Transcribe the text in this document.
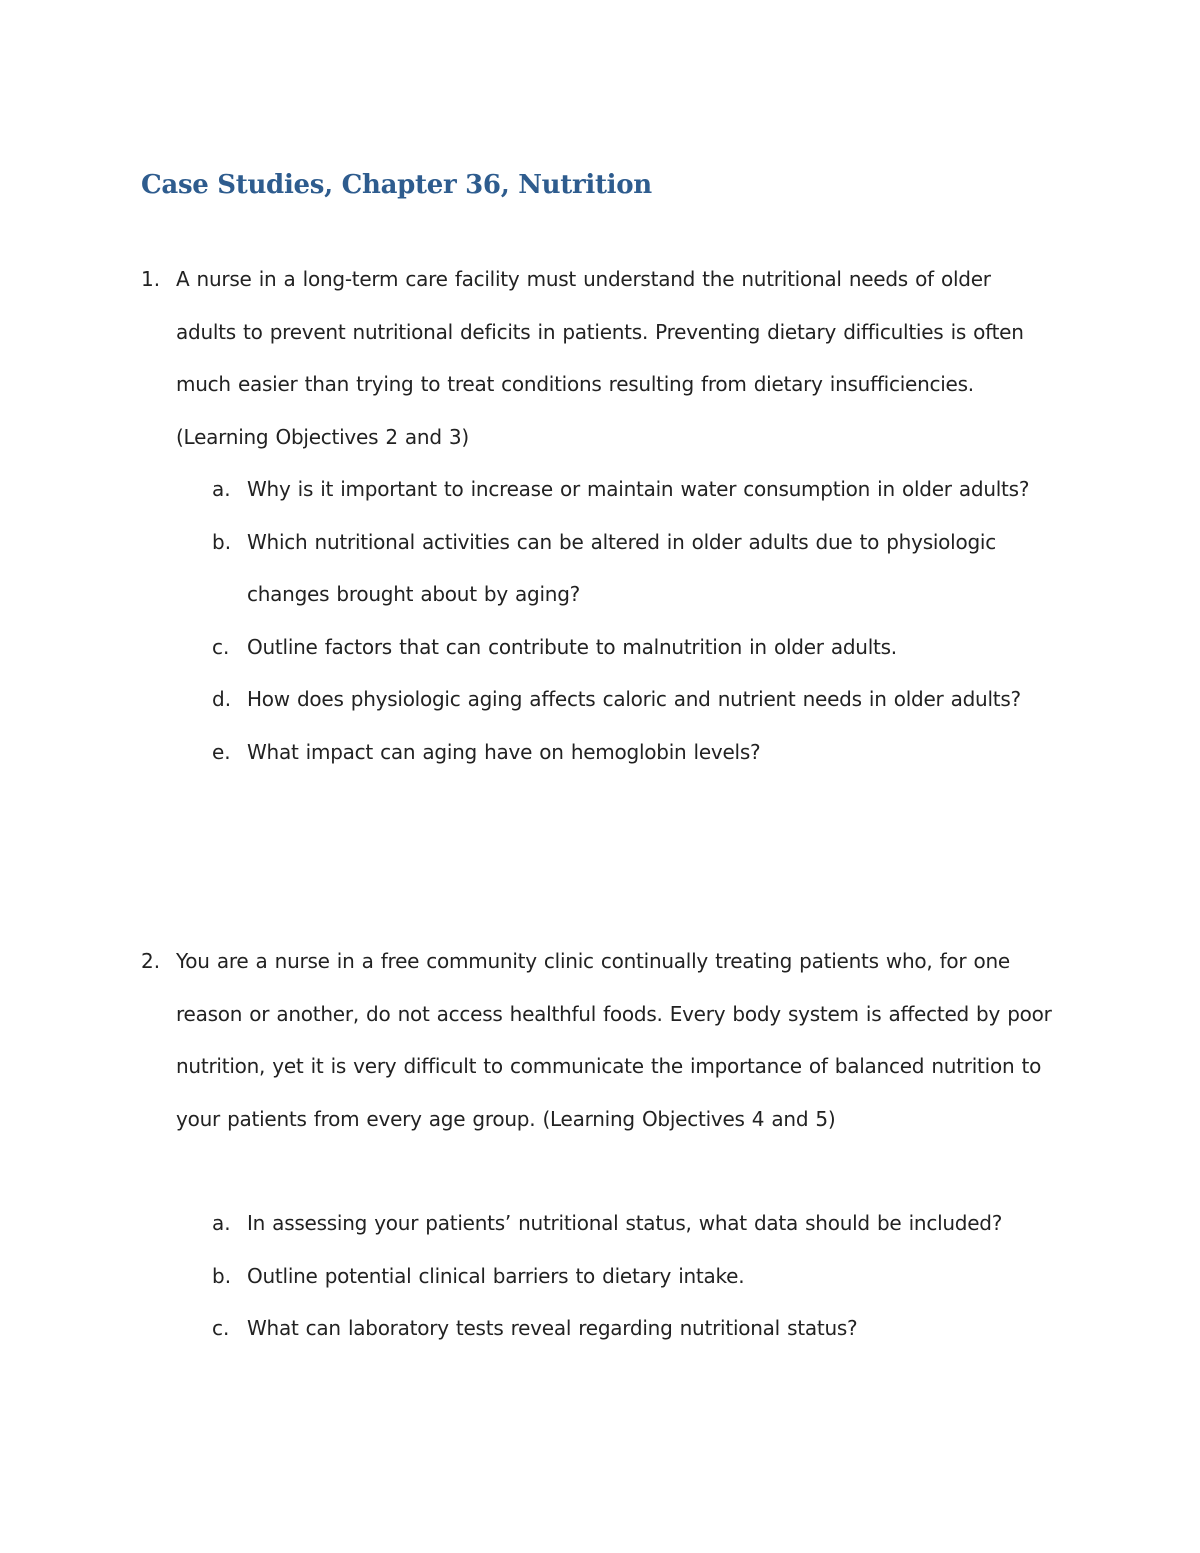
Case Studies, Chapter 36, Nutrition

1. A nurse in a long-term care facility must understand the nutritional needs of older adults to prevent nutritional deficits in patients. Preventing dietary difficulties is often much easier than trying to treat conditions resulting from dietary insufficiencies. (Learning Objectives 2 and 3)

a. Why is it important to increase or maintain water consumption in older adults?
b. Which nutritional activities can be altered in older adults due to physiologic changes brought about by aging?
c. Outline factors that can contribute to malnutrition in older adults.
d. How does physiologic aging affects caloric and nutrient needs in older adults?
e. What impact can aging have on hemoglobin levels?

2. You are a nurse in a free community clinic continually treating patients who, for one reason or another, do not access healthful foods. Every body system is affected by poor nutrition, yet it is very difficult to communicate the importance of balanced nutrition to your patients from every age group. (Learning Objectives 4 and 5)

a. In assessing your patients’ nutritional status, what data should be included?
b. Outline potential clinical barriers to dietary intake.
c. What can laboratory tests reveal regarding nutritional status?
